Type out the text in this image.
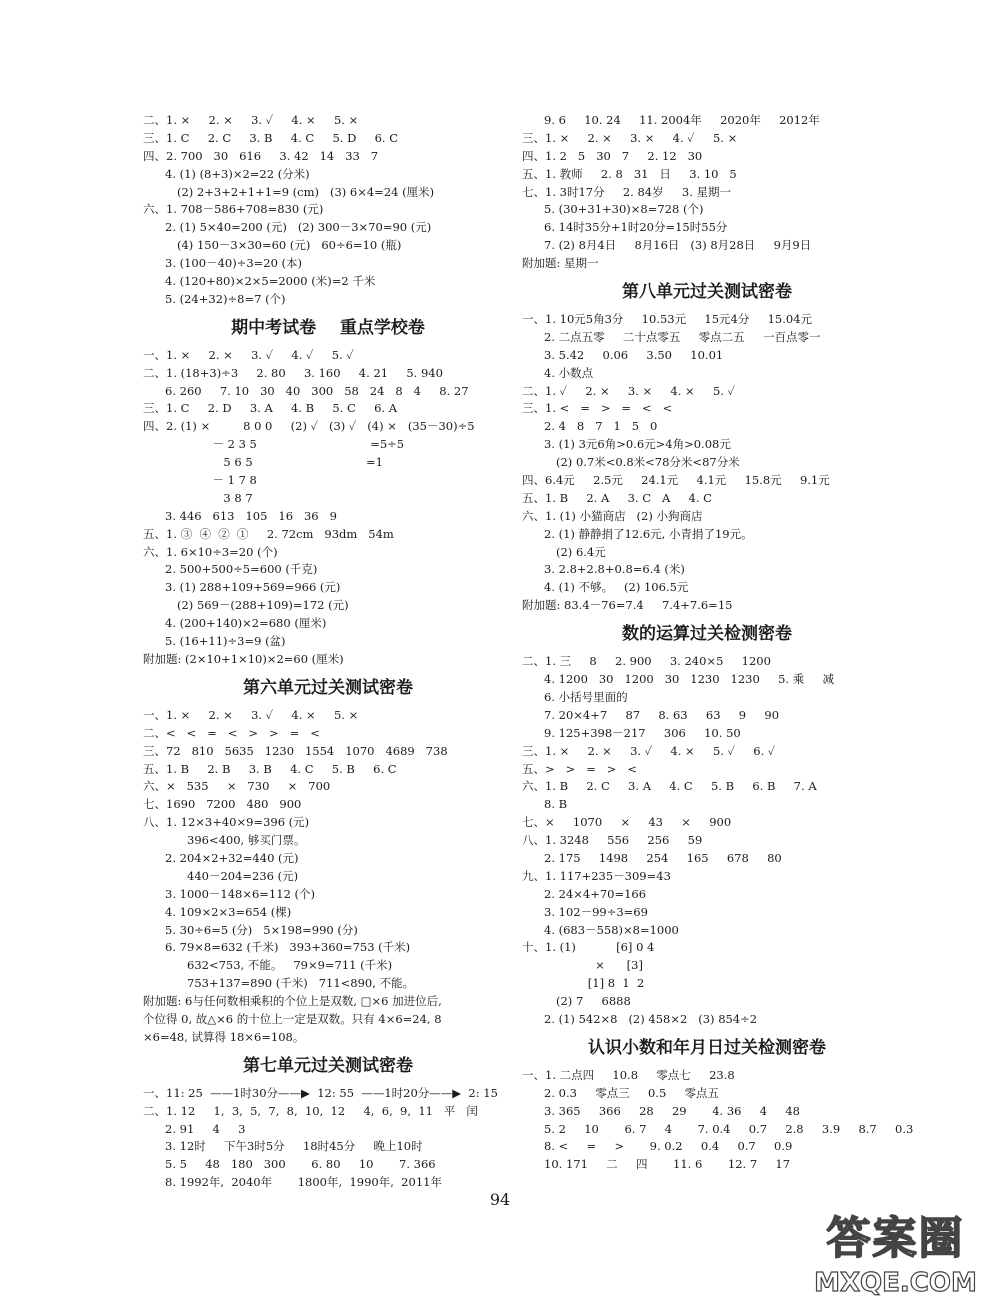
二、1. ×     2. ×     3. ✓     4. ×     5. ×
三、1. C     2. C     3. B     4. C     5. D     6. C
四、2. 700   30   616     3. 42   14   33   7
4. (1) (8+3)×2=22 (分米)
(2) 2+3+2+1+1=9 (cm)   (3) 6×4=24 (厘米)
六、1. 708－586+708=830 (元)
2. (1) 5×40=200 (元)   (2) 300－3×70=90 (元)
(4) 150－3×30=60 (元)   60÷6=10 (瓶)
3. (100－40)÷3=20 (本)
4. (120+80)×2×5=2000 (米)=2 千米
5. (24+32)÷8=7 (个)
期中考试卷    重点学校卷
一、1. ×     2. ×     3. ✓     4. ✓     5. ✓
二、1. (18+3)÷3     2. 80     3. 160     4. 21     5. 940
6. 260     7. 10   30   40   300   58   24   8   4     8. 27
三、1. C     2. D     3. A     4. B     5. C     6. A
四、2. (1) ×         8 0 0     (2) ✓   (3) ✓   (4) ×   (35－30)÷5
－ 2 3 5                               =5÷5
5 6 5                               =1
－ 1 7 8
3 8 7
3. 446   613   105   16   36   9
五、1. ③  ④  ②  ①     2. 72cm   93dm   54m
六、1. 6×10÷3=20 (个)
2. 500+500÷5=600 (千克)
3. (1) 288+109+569=966 (元)
(2) 569－(288+109)=172 (元)
4. (200+140)×2=680 (厘米)
5. (16+11)÷3=9 (盆)
附加题: (2×10+1×10)×2=60 (厘米)
第六单元过关测试密卷
一、1. ×     2. ×     3. ✓     4. ×     5. ×
二、<   <   =   <   >   >   =   <
三、72   810   5635   1230   1554   1070   4689   738
五、1. B     2. B     3. B     4. C     5. B     6. C
六、×   535     ×   730     ×   700
七、1690   7200   480   900
八、1. 12×3+40×9=396 (元)
396<400, 够买门票。
2. 204×2+32=440 (元)
440－204=236 (元)
3. 1000－148×6=112 (个)
4. 109×2×3=654 (棵)
5. 30÷6=5 (分)   5×198=990 (分)
6. 79×8=632 (千米)   393+360=753 (千米)
632<753, 不能。   79×9=711 (千米)
753+137=890 (千米)   711<890, 不能。
附加题: 6与任何数相乘积的个位上是双数, □×6 加进位后,
个位得 0, 故△×6 的十位上一定是双数。只有 4×6=24, 8
×6=48, 试算得 18×6=108。
第七单元过关测试密卷
一、11: 25  ——1时30分——▶  12: 55  ——1时20分——▶  2: 15
二、1. 12     1,  3,  5,  7,  8,  10,  12     4,  6,  9,  11   平   闰
2. 91     4     3
3. 12时     下午3时5分     18时45分     晚上10时
5. 5     48   180   300       6. 80     10       7. 366
8. 1992年,  2040年       1800年,  1990年,  2011年
9. 6     10. 24     11. 2004年     2020年     2012年
三、1. ×     2. ×     3. ×     4. ✓     5. ×
四、1. 2   5   30   7     2. 12   30
五、1. 教师     2. 8   31   日     3. 10   5
七、1. 3时17分     2. 84岁     3. 星期一
5. (30+31+30)×8=728 (个)
6. 14时35分+1时20分=15时55分
7. (2) 8月4日     8月16日   (3) 8月28日     9月9日
附加题: 星期一
第八单元过关测试密卷
一、1. 10元5角3分     10.53元     15元4分     15.04元
2. 二点五零     二十点零五     零点二五     一百点零一
3. 5.42     0.06     3.50     10.01
4. 小数点
二、1. ✓     2. ×     3. ×     4. ×     5. ✓
三、1. <   =   >   =   <   <
2. 4   8   7   1   5   0
3. (1) 3元6角>0.6元>4角>0.08元
(2) 0.7米<0.8米<78分米<87分米
四、6.4元     2.5元     24.1元     4.1元     15.8元     9.1元
五、1. B     2. A     3. C   A     4. C
六、1. (1) 小猫商店   (2) 小狗商店
2. (1) 静静捐了12.6元, 小青捐了19元。
(2) 6.4元
3. 2.8+2.8+0.8=6.4 (米)
4. (1) 不够。   (2) 106.5元
附加题: 83.4－76=7.4     7.4+7.6=15
数的运算过关检测密卷
二、1. 三     8     2. 900     3. 240×5     1200
4. 1200   30   1200   30   1230   1230     5. 乘     减
6. 小括号里面的
7. 20×4+7     87     8. 63     63     9     90
9. 125+398－217     306     10. 50
三、1. ×     2. ×     3. ✓     4. ×     5. ✓     6. ✓
五、>   >   =   >   <
六、1. B     2. C     3. A     4. C     5. B     6. B     7. A
8. B
七、×     1070     ×     43     ×     900
八、1. 3248     556     256     59
2. 175     1498     254     165     678     80
九、1. 117+235－309=43
2. 24×4+70=166
3. 102－99÷3=69
4. (683－558)×8=1000
十、1. (1)           [6] 0 4
×      [3]
[1] 8  1  2
(2) 7     6888
2. (1) 542×8   (2) 458×2   (3) 854÷2
认识小数和年月日过关检测密卷
一、1. 二点四     10.8     零点七     23.8
2. 0.3     零点三     0.5     零点五
3. 365     366     28     29       4. 36     4     48
5. 2     10       6. 7     4       7. 0.4     0.7     2.8     3.9     8.7     0.3
8. <     =     >       9. 0.2     0.4     0.7     0.9
10. 171     二     四       11. 6       12. 7     17
94
答案圈
MXQE.COM
